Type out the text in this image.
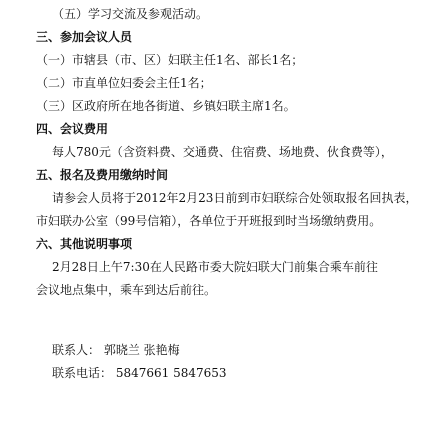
（五）学习交流及参观活动。
三、参加会议人员
（一）市辖县（市、区）妇联主任1名、部长1名；
（二）市直单位妇委会主任1名；
（三）区政府所在地各街道、乡镇妇联主席1名。
四、会议费用
每人780元（含资料费、交通费、住宿费、场地费、伙食费等），
五、报名及费用缴纳时间
请参会人员将于2012年2月23日前到市妇联综合处领取报名回执表，
市妇联办公室（99号信箱），各单位于开班报到时当场缴纳费用。
六、其他说明事项
2月28日上午7:30在人民路市委大院妇联大门前集合乘车前往
会议地点集中，乘车到达后前往。
联系人： 郭晓兰 张艳梅
联系电话： 5847661 5847653
